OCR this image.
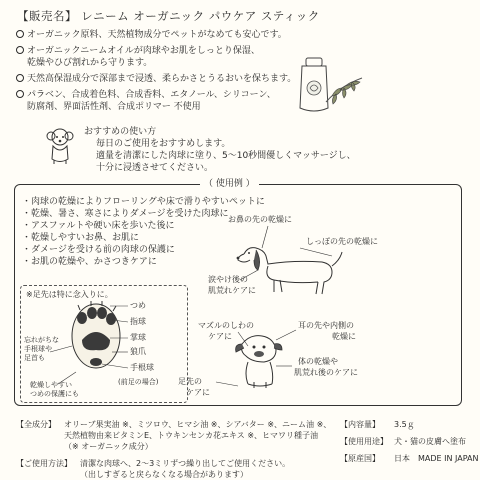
【販売名】 レニーム オーガニック パウケア スティック
オーガニック原料、天然植物成分でペットがなめても安心です。
オーガニックニームオイルが肉球やお肌をしっとり保湿、
乾燥やひび割れから守ります。
天然高保湿成分で深部まで浸透、柔らかさとうるおいを保ちます。
パラベン、合成着色料、合成香料、エタノール、シリコーン、
防腐剤、界面活性剤、合成ポリマー 不使用
おすすめの使い方
毎日のご使用をおすすめします。
適量を清潔にした肉球に塗り、5～10秒間優しくマッサージし、
十分に浸透させてください。
（ 使用例 ）
・肉球の乾燥によりフローリングや床で滑りやすいペットに
・乾燥、暑さ、寒さによりダメージを受けた肉球に
・アスファルトや硬い床を歩いた後に
・乾燥しやすいお鼻、お肌に
・ダメージを受ける前の肉球の保護に
・お肌の乾燥や、かさつきケアに
※足先は特に念入りに。
つめ
指球
掌球
狼爪
手根球
忘れがちな
手根球や
足首も
乾燥しやすい
つめの保護にも
(前足の場合)
お鼻の先の乾燥に
しっぽの先の乾燥に
涙やけ後の
肌荒れケアに
マズルのしわの
ケアに
耳の先や内側の
乾燥に
体の乾燥や
肌荒れ後のケアに
足先の
ケアに
【全成分】	オリーブ果実油 ※、ミツロウ、ヒマシ油 ※、シアバター ※、ニーム油 ※、
天然植物由来ビタミンE、トウキンセンカ花エキス ※、ヒマワリ種子油
（※ オーガニック成分）
【ご使用方法】	清潔な肉球へ、2～3ミリずつ繰り出してご使用ください。
（出しすぎると戻らなくなる場合があります）
【内容量】	3.5ｇ
【使用用途】 犬・猫の皮膚へ塗布
【原産国】	日本　MADE IN JAPAN
